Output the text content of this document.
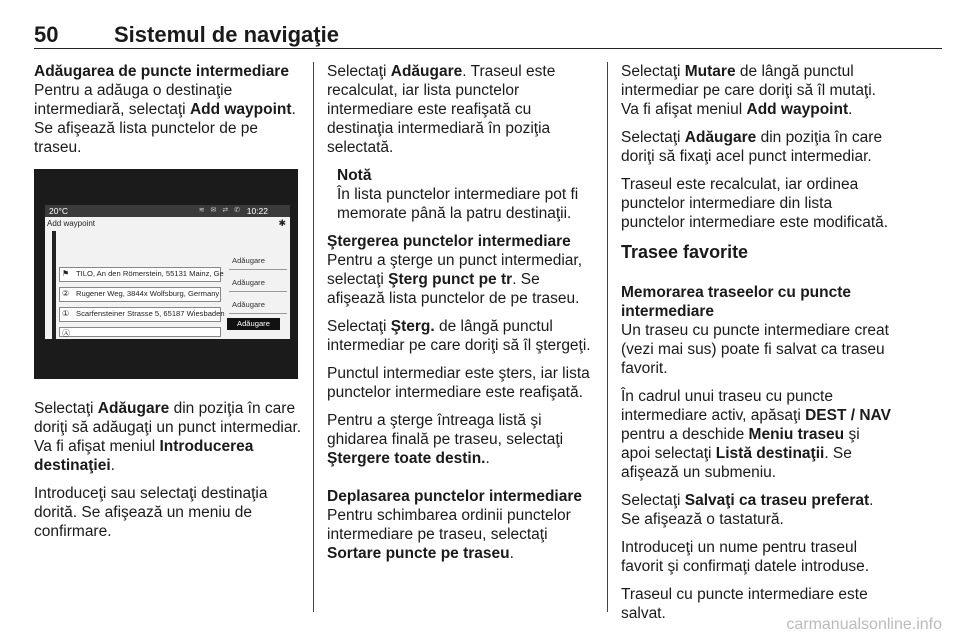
50	Sistemul de navigaţie
Adăugarea de puncte intermediare

Pentru a adăuga o destinaţie intermediară, selectaţi Add waypoint. Se afişează lista punctelor de pe traseu.

20°C	≋ ✉ ⇄ ✆ 10:22
Add waypoint	✱
⚑ TILO, An den Römerstein, 55131 Mainz, Ge
② Rugener Weg, 3844x Wolfsburg, Germany
① Scarfensteiner Strasse 5, 65187 Wiesbaden
Ⓐ
Adăugare
Adăugare
Adăugare
Adăugare

Selectaţi Adăugare din poziţia în care doriţi să adăugaţi un punct intermediar. Va fi afişat meniul Introducerea destinaţiei.

Introduceţi sau selectaţi destinaţia dorită. Se afişează un meniu de confirmare.

Selectaţi Adăugare. Traseul este recalculat, iar lista punctelor intermediare este reafişată cu destinaţia intermediară în poziţia selectată.

Notă
În lista punctelor intermediare pot fi memorate până la patru destinaţii.
Ştergerea punctelor intermediare

Pentru a şterge un punct intermediar, selectaţi Şterg punct pe tr. Se afişează lista punctelor de pe traseu.

Selectaţi Şterg. de lângă punctul intermediar pe care doriţi să îl ştergeţi.

Punctul intermediar este şters, iar lista punctelor intermediare este reafişată.

Pentru a şterge întreaga listă şi ghidarea finală pe traseu, selectaţi Ştergere toate destin..

Deplasarea punctelor intermediare

Pentru schimbarea ordinii punctelor intermediare pe traseu, selectaţi Sortare puncte pe traseu.

Selectaţi Mutare de lângă punctul intermediar pe care doriţi să îl mutaţi. Va fi afişat meniul Add waypoint.

Selectaţi Adăugare din poziţia în care doriţi să fixaţi acel punct intermediar.

Traseul este recalculat, iar ordinea punctelor intermediare din lista punctelor intermediare este modificată.

Trasee favorite
Memorarea traseelor cu puncte intermediare

Un traseu cu puncte intermediare creat (vezi mai sus) poate fi salvat ca traseu favorit.

În cadrul unui traseu cu puncte intermediare activ, apăsaţi DEST / NAV pentru a deschide Meniu traseu şi apoi selectaţi Listă destinaţii. Se afişează un submeniu.

Selectaţi Salvaţi ca traseu preferat. Se afişează o tastatură.

Introduceţi un nume pentru traseul favorit şi confirmaţi datele introduse.

Traseul cu puncte intermediare este salvat.

carmanualsonline.info
